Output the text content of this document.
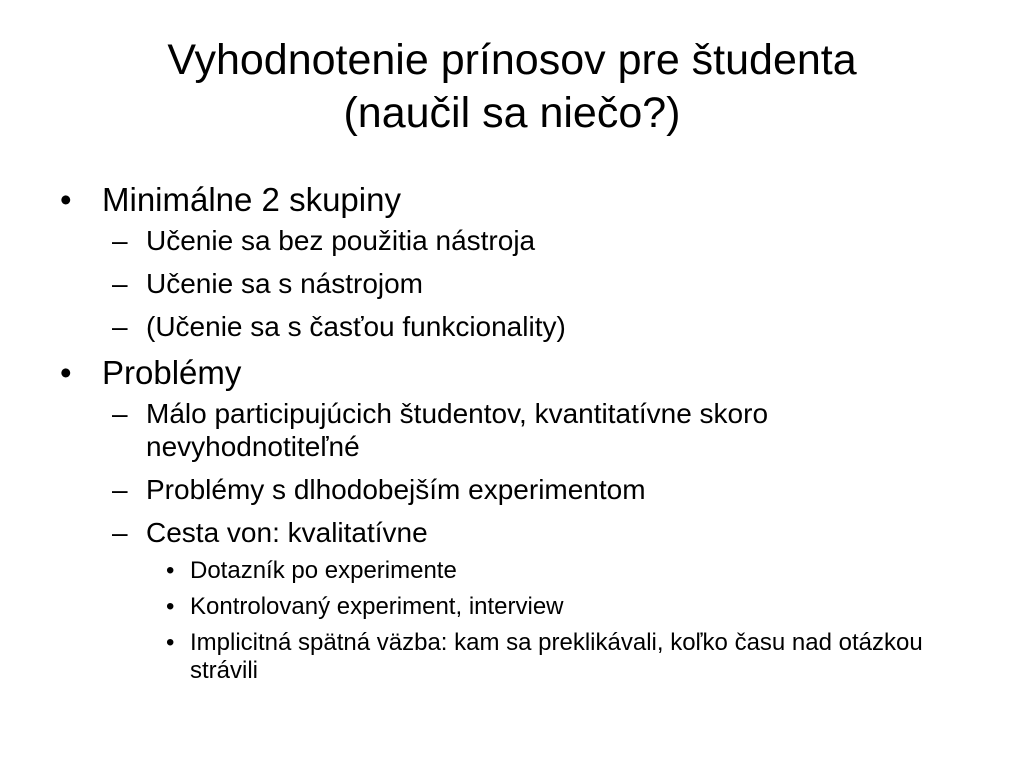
Vyhodnotenie prínosov pre študenta
(naučil sa niečo?)
• Minimálne 2 skupiny
– Učenie sa bez použitia nástroja
– Učenie sa s nástrojom
– (Učenie sa s časťou funkcionality)
• Problémy
– Málo participujúcich študentov, kvantitatívne skoro nevyhodnotiteľné
– Problémy s dlhodobejším experimentom
– Cesta von: kvalitatívne
• Dotazník po experimente
• Kontrolovaný experiment, interview
• Implicitná spätná väzba: kam sa preklikávali, koľko času nad otázkou strávili
